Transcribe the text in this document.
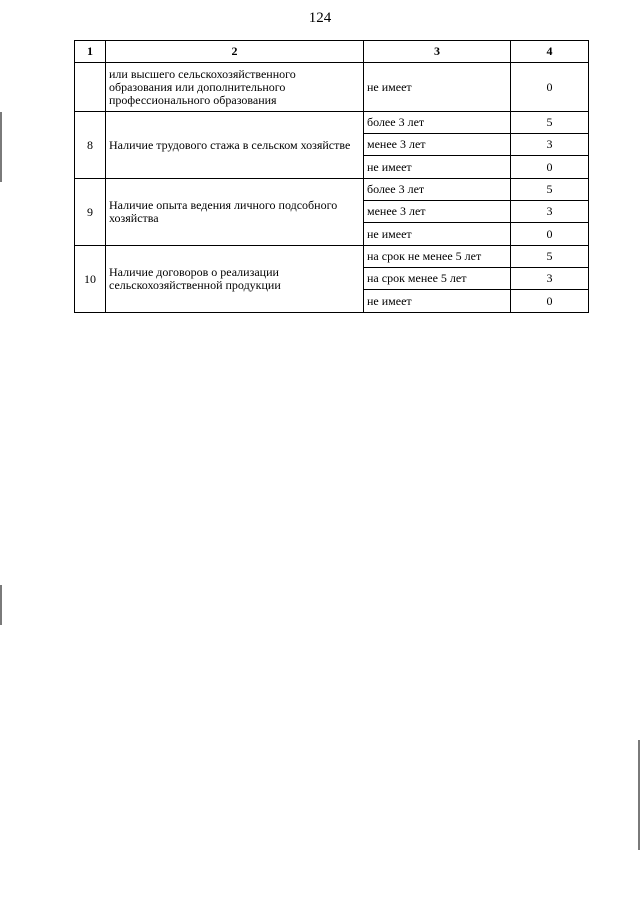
124
1	2	3	4
	или высшего сельскохозяйственного образования или дополнительного профессионального образования	не имеет	0
8	Наличие трудового стажа в сельском хозяйстве	более 3 лет	5
		менее 3 лет	3
		не имеет	0
9	Наличие опыта ведения личного подсобного хозяйства	более 3 лет	5
		менее 3 лет	3
		не имеет	0
10	Наличие договоров о реализации сельскохозяйственной продукции	на срок не менее 5 лет	5
		на срок менее 5 лет	3
		не имеет	0
